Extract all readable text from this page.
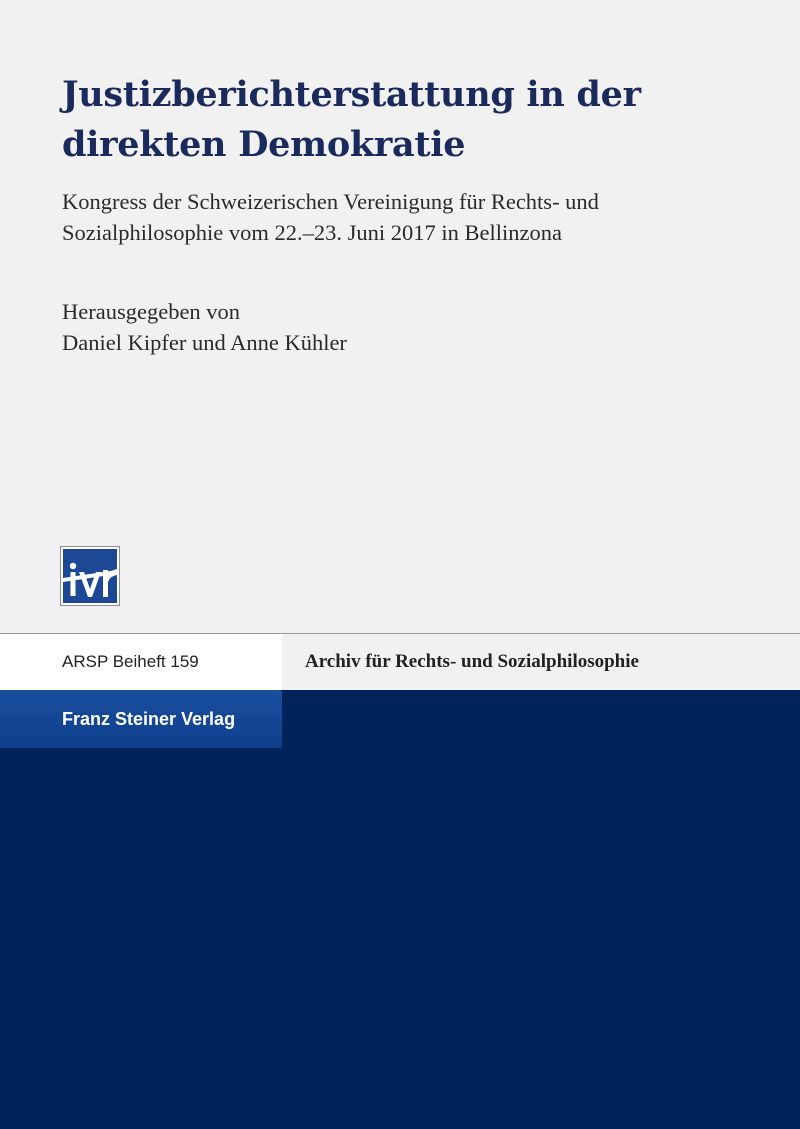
Justizberichterstattung in der
direkten Demokratie

Kongress der Schweizerischen Vereinigung für Rechts- und
Sozialphilosophie vom 22.–23. Juni 2017 in Bellinzona

Herausgegeben von
Daniel Kipfer und Anne Kühler

ARSP Beiheft 159	Archiv für Rechts- und Sozialphilosophie
Franz Steiner Verlag
